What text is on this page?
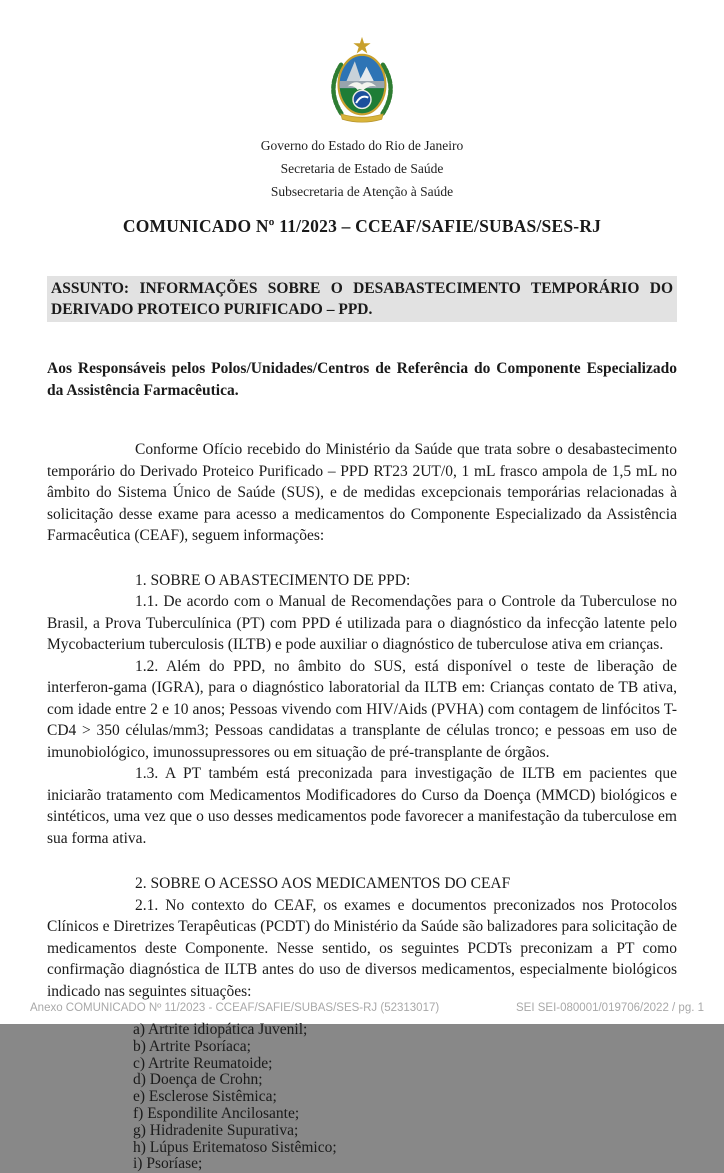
Governo do Estado do Rio de Janeiro
Secretaria de Estado de Saúde
Subsecretaria de Atenção à Saúde
COMUNICADO Nº 11/2023 – CCEAF/SAFIE/SUBAS/SES-RJ
ASSUNTO: INFORMAÇÕES SOBRE O DESABASTECIMENTO TEMPORÁRIO DO DERIVADO PROTEICO PURIFICADO – PPD.

Aos Responsáveis pelos Polos/Unidades/Centros de Referência do Componente Especializado da Assistência Farmacêutica.

Conforme Ofício recebido do Ministério da Saúde que trata sobre o desabastecimento temporário do Derivado Proteico Purificado – PPD RT23 2UT/0, 1 mL frasco ampola de 1,5 mL no âmbito do Sistema Único de Saúde (SUS), e de medidas excepcionais temporárias relacionadas à solicitação desse exame para acesso a medicamentos do Componente Especializado da Assistência Farmacêutica (CEAF), seguem informações:

1. SOBRE O ABASTECIMENTO DE PPD:

1.1. De acordo com o Manual de Recomendações para o Controle da Tuberculose no Brasil, a Prova Tuberculínica (PT) com PPD é utilizada para o diagnóstico da infecção latente pelo Mycobacterium tuberculosis (ILTB) e pode auxiliar o diagnóstico de tuberculose ativa em crianças.

1.2. Além do PPD, no âmbito do SUS, está disponível o teste de liberação de interferon-gama (IGRA), para o diagnóstico laboratorial da ILTB em: Crianças contato de TB ativa, com idade entre 2 e 10 anos; Pessoas vivendo com HIV/Aids (PVHA) com contagem de linfócitos T-CD4 > 350 células/mm3; Pessoas candidatas a transplante de células tronco; e pessoas em uso de imunobiológico, imunossupressores ou em situação de pré-transplante de órgãos.

1.3. A PT também está preconizada para investigação de ILTB em pacientes que iniciarão tratamento com Medicamentos Modificadores do Curso da Doença (MMCD) biológicos e sintéticos, uma vez que o uso desses medicamentos pode favorecer a manifestação da tuberculose em sua forma ativa.

2. SOBRE O ACESSO AOS MEDICAMENTOS DO CEAF

2.1. No contexto do CEAF, os exames e documentos preconizados nos Protocolos Clínicos e Diretrizes Terapêuticas (PCDT) do Ministério da Saúde são balizadores para solicitação de medicamentos deste Componente. Nesse sentido, os seguintes PCDTs preconizam a PT como confirmação diagnóstica de ILTB antes do uso de diversos medicamentos, especialmente biológicos indicado nas seguintes situações:

a) Artrite idiopática Juvenil;
b) Artrite Psoríaca;
c) Artrite Reumatoide;
d) Doença de Crohn;
e) Esclerose Sistêmica;
f) Espondilite Ancilosante;
g) Hidradenite Supurativa;
h) Lúpus Eritematoso Sistêmico;
i) Psoríase;
Anexo COMUNICADO Nº 11/2023 - CCEAF/SAFIE/SUBAS/SES-RJ (52313017)	SEI SEI-080001/019706/2022 / pg. 1
